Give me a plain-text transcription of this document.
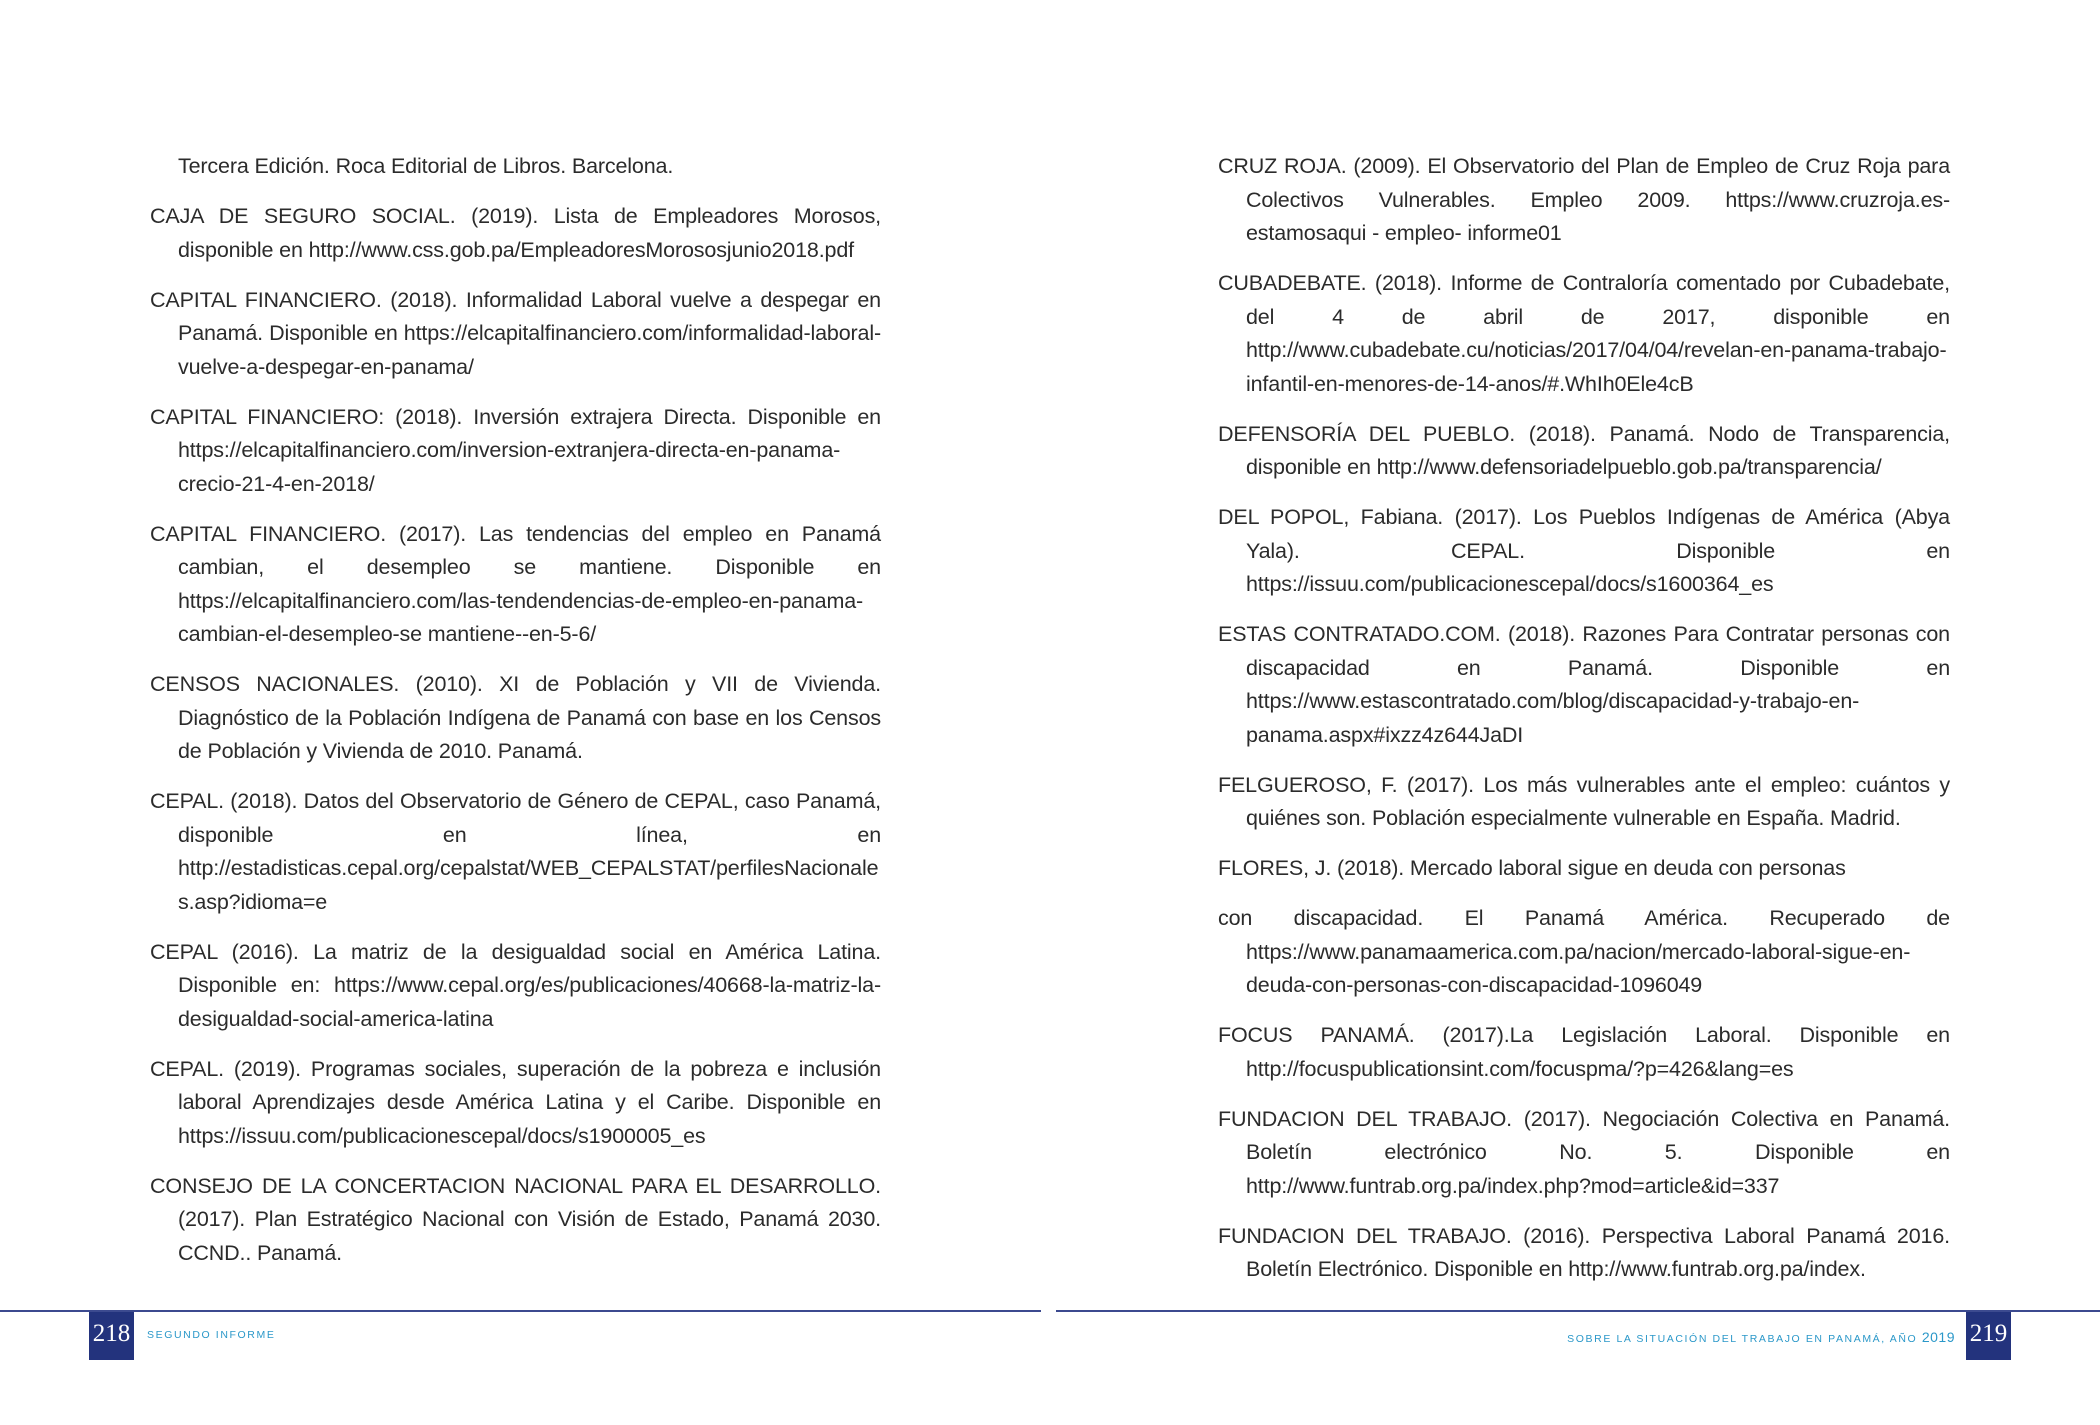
Tercera Edición. Roca Editorial de Libros. Barcelona.

CAJA DE SEGURO SOCIAL. (2019). Lista de Empleadores Morosos, disponible en http://www.css.gob.pa/EmpleadoresMorososjunio2018.pdf

CAPITAL FINANCIERO. (2018). Informalidad Laboral vuelve a despegar en Panamá. Disponible en https://elcapitalfinanciero.com/informalidad-laboral-vuelve-a-despegar-en-panama/

CAPITAL FINANCIERO: (2018). Inversión extrajera Directa. Disponible en https://elcapitalfinanciero.com/inversion-extranjera-directa-en-panama-crecio-21-4-en-2018/

CAPITAL FINANCIERO. (2017). Las tendencias del empleo en Panamá cambian, el desempleo se mantiene. Disponible en https://elcapitalfinanciero.com/las-tendendencias-de-empleo-en-panama-cambian-el-desempleo-se mantiene--en-5-6/

CENSOS NACIONALES. (2010). XI de Población y VII de Vivienda. Diagnóstico de la Población Indígena de Panamá con base en los Censos de Población y Vivienda de 2010. Panamá.

CEPAL. (2018). Datos del Observatorio de Género de CEPAL, caso Panamá, disponible en línea, en http://estadisticas.cepal.org/cepalstat/WEB_CEPALSTAT/perfilesNacionales.asp?idioma=e

CEPAL (2016). La matriz de la desigualdad social en América Latina. Disponible en: https://www.cepal.org/es/publicaciones/40668-la-matriz-la-desigualdad-social-america-latina

CEPAL. (2019). Programas sociales, superación de la pobreza e inclusión laboral Aprendizajes desde América Latina y el Caribe. Disponible en https://issuu.com/publicacionescepal/docs/s1900005_es

CONSEJO DE LA CONCERTACION NACIONAL PARA EL DESARROLLO. (2017). Plan Estratégico Nacional con Visión de Estado, Panamá 2030. CCND.. Panamá.

CRUZ ROJA. (2009). El Observatorio del Plan de Empleo de Cruz Roja para Colectivos Vulnerables. Empleo 2009. https://www.cruzroja.es-estamosaqui - empleo- informe01

CUBADEBATE. (2018). Informe de Contraloría comentado por Cubadebate, del 4 de abril de 2017, disponible en http://www.cubadebate.cu/noticias/2017/04/04/revelan-en-panama-trabajo-infantil-en-menores-de-14-anos/#.WhIh0Ele4cB

DEFENSORÍA DEL PUEBLO. (2018). Panamá. Nodo de Transparencia, disponible en http://www.defensoriadelpueblo.gob.pa/transparencia/

DEL POPOL, Fabiana. (2017). Los Pueblos Indígenas de América (Abya Yala). CEPAL. Disponible en https://issuu.com/publicacionescepal/docs/s1600364_es

ESTAS CONTRATADO.COM. (2018). Razones Para Contratar personas con discapacidad en Panamá. Disponible en https://www.estascontratado.com/blog/discapacidad-y-trabajo-en-panama.aspx#ixzz4z644JaDI

FELGUEROSO, F. (2017). Los más vulnerables ante el empleo: cuántos y quiénes son. Población especialmente vulnerable en España. Madrid.

FLORES, J. (2018). Mercado laboral sigue en deuda con personas

con discapacidad. El Panamá América. Recuperado de https://www.panamaamerica.com.pa/nacion/mercado-laboral-sigue-en-deuda-con-personas-con-discapacidad-1096049

FOCUS PANAMÁ. (2017).La Legislación Laboral. Disponible en http://focuspublicationsint.com/focuspma/?p=426&lang=es

FUNDACION DEL TRABAJO. (2017). Negociación Colectiva en Panamá. Boletín electrónico No. 5. Disponible en http://www.funtrab.org.pa/index.php?mod=article&id=337

FUNDACION DEL TRABAJO. (2016). Perspectiva Laboral Panamá 2016. Boletín Electrónico. Disponible en http://www.funtrab.org.pa/index.

218	SEGUNDO INFORME	SOBRE LA SITUACIÓN DEL TRABAJO EN PANAMÁ, AÑO 2019 219
